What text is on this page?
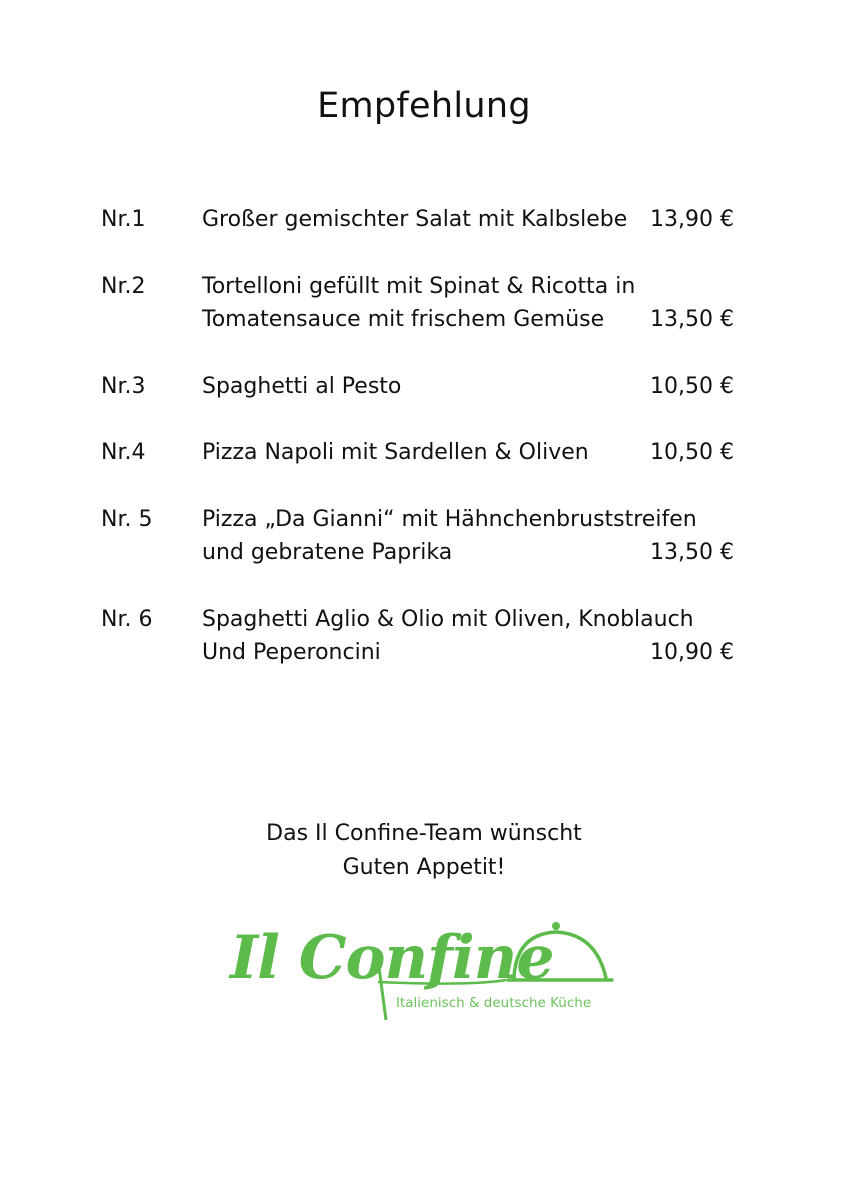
Empfehlung
Nr.1	Großer gemischter Salat mit Kalbslebe	13,90 €
Nr.2	Tortelloni gefüllt mit Spinat & Ricotta in
Tomatensauce mit frischem Gemüse	13,50 €
Nr.3	Spaghetti al Pesto	10,50 €
Nr.4	Pizza Napoli mit Sardellen & Oliven	10,50 €
Nr. 5 Pizza „Da Gianni“ mit Hähnchenbruststreifen
und gebratene Paprika	13,50 €
Nr. 6 Spaghetti Aglio & Olio mit Oliven, Knoblauch
Und Peperoncini	10,90 €
Das Il Confine-Team wünscht
Guten Appetit!
Il Confine
Italienisch & deutsche Küche
